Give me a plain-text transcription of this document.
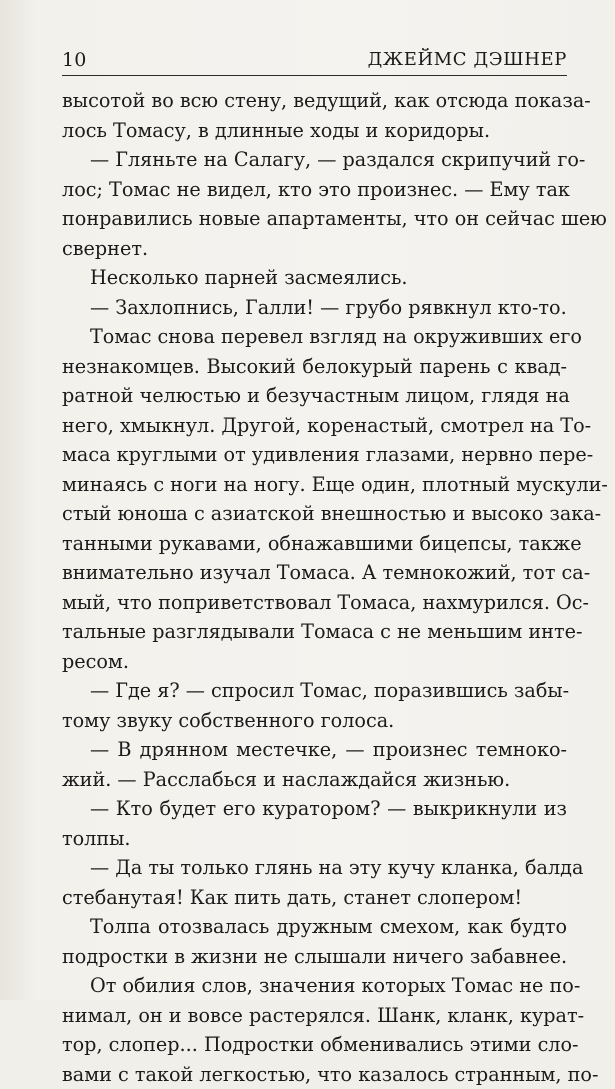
10	ДЖЕЙМС ДЭШНЕР
высотой во всю стену, ведущий, как отсюда показа-
лось Томасу, в длинные ходы и коридоры.
— Гляньте на Салагу, — раздался скрипучий го-
лос; Томас не видел, кто это произнес. — Ему так
понравились новые апартаменты, что он сейчас шею
свернет.
Несколько парней засмеялись.
— Захлопнись, Галли! — грубо рявкнул кто-то.
Томас снова перевел взгляд на окруживших его
незнакомцев. Высокий белокурый парень с квад-
ратной челюстью и безучастным лицом, глядя на
него, хмыкнул. Другой, коренастый, смотрел на То-
маса круглыми от удивления глазами, нервно пере-
минаясь с ноги на ногу. Еще один, плотный мускули-
стый юноша с азиатской внешностью и высоко зака-
танными рукавами, обнажавшими бицепсы, также
внимательно изучал Томаса. А темнокожий, тот са-
мый, что поприветствовал Томаса, нахмурился. Ос-
тальные разглядывали Томаса с не меньшим инте-
ресом.
— Где я? — спросил Томас, поразившись забы-
тому звуку собственного голоса.
— В дрянном местечке, — произнес темноко-
жий. — Расслабься и наслаждайся жизнью.
— Кто будет его куратором? — выкрикнули из
толпы.
— Да ты только глянь на эту кучу кланка, балда
стебанутая! Как пить дать, станет слопером!
Толпа отозвалась дружным смехом, как будто
подростки в жизни не слышали ничего забавнее.
От обилия слов, значения которых Томас не по-
нимал, он и вовсе растерялся. Шанк, кланк, курат-
тор, слопер... Подростки обменивались этими сло-
вами с такой легкостью, что казалось странным, по-
